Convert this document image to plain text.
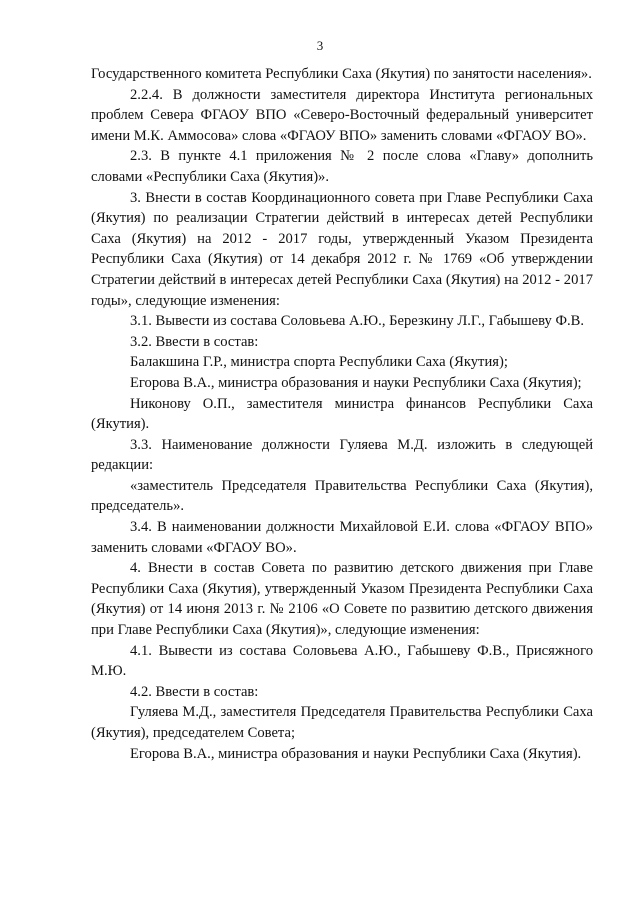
3

Государственного комитета Республики Саха (Якутия) по занятости населения».

2.2.4. В должности заместителя директора Института региональных проблем Севера ФГАОУ ВПО «Северо-Восточный федеральный университет имени М.К. Аммосова» слова «ФГАОУ ВПО» заменить словами «ФГАОУ ВО».

2.3. В пункте 4.1 приложения № 2 после слова «Главу» дополнить словами «Республики Саха (Якутия)».

3. Внести в состав Координационного совета при Главе Республики Саха (Якутия) по реализации Стратегии действий в интересах детей Республики Саха (Якутия) на 2012 - 2017 годы, утвержденный Указом Президента Республики Саха (Якутия) от 14 декабря 2012 г. № 1769 «Об утверждении Стратегии действий в интересах детей Республики Саха (Якутия) на 2012 - 2017 годы», следующие изменения:

3.1. Вывести из состава Соловьева А.Ю., Березкину Л.Г., Габышеву Ф.В.

3.2. Ввести в состав:

Балакшина Г.Р., министра спорта Республики Саха (Якутия);

Егорова В.А., министра образования и науки Республики Саха (Якутия);

Никонову О.П., заместителя министра финансов Республики Саха (Якутия).

3.3. Наименование должности Гуляева М.Д. изложить в следующей редакции:

«заместитель Председателя Правительства Республики Саха (Якутия), председатель».

3.4. В наименовании должности Михайловой Е.И. слова «ФГАОУ ВПО» заменить словами «ФГАОУ ВО».

4. Внести в состав Совета по развитию детского движения при Главе Республики Саха (Якутия), утвержденный Указом Президента Республики Саха (Якутия) от 14 июня 2013 г. № 2106 «О Совете по развитию детского движения при Главе Республики Саха (Якутия)», следующие изменения:

4.1. Вывести из состава Соловьева А.Ю., Габышеву Ф.В., Присяжного М.Ю.

4.2. Ввести в состав:

Гуляева М.Д., заместителя Председателя Правительства Республики Саха (Якутия), председателем Совета;

Егорова В.А., министра образования и науки Республики Саха (Якутия).
